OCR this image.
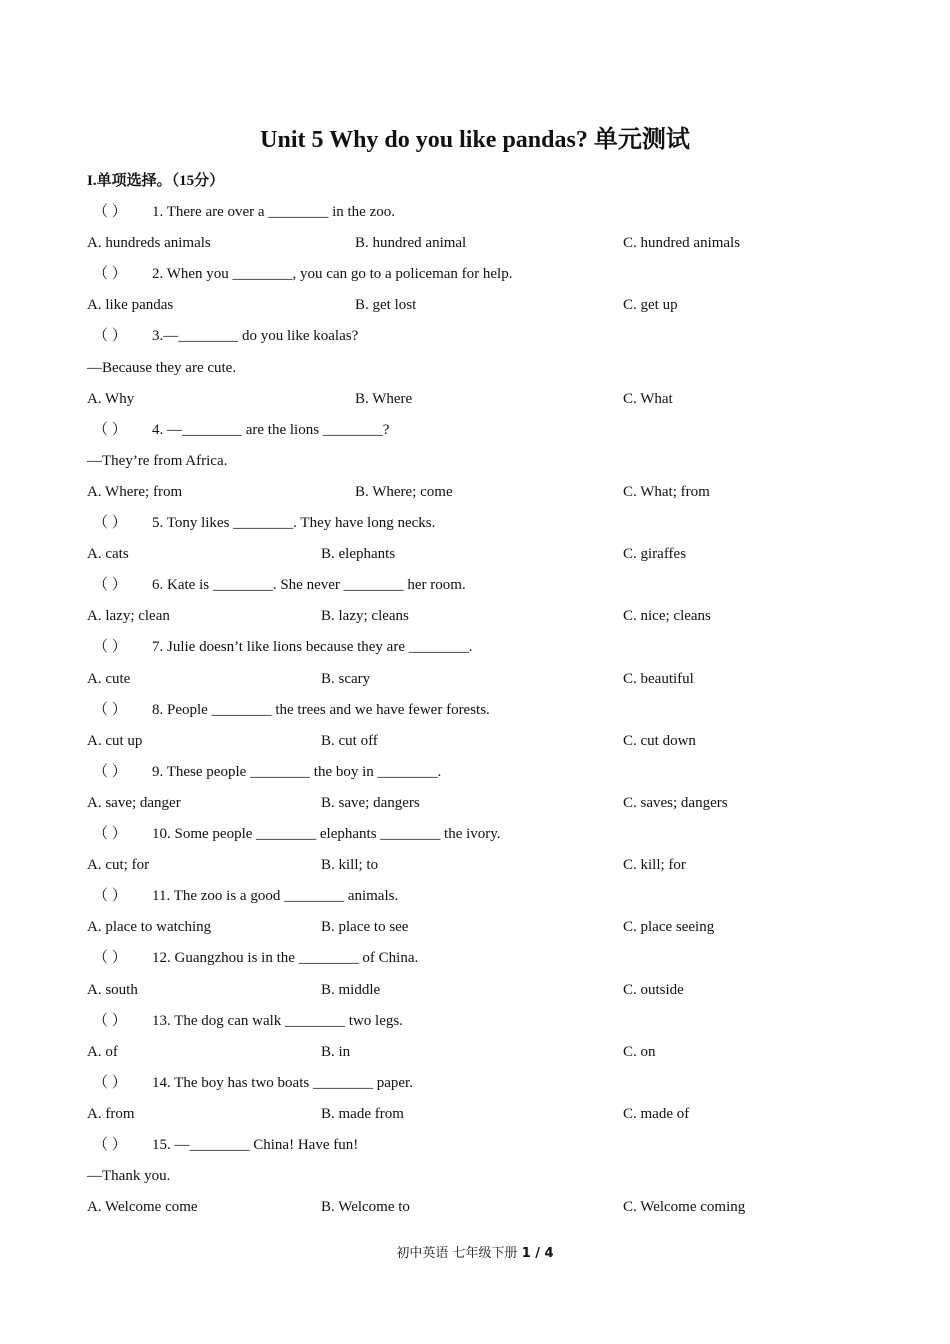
Unit 5 Why do you like pandas? 单元测试
I.单项选择。（15分）
（ ） 1. There are over a ________ in the zoo.
A. hundreds animals	B. hundred animal	C. hundred animals
（ ） 2. When you ________, you can go to a policeman for help.
A. like pandas	B. get lost	C. get up
（ ） 3.—________ do you like koalas?
—Because they are cute.
A. Why	B. Where	C. What
（ ） 4. —________ are the lions ________?
—They’re from Africa.
A. Where; from	B. Where; come	C. What; from
（ ） 5. Tony likes ________. They have long necks.
A. cats	B. elephants	C. giraffes
（ ） 6. Kate is ________. She never ________ her room.
A. lazy; clean	B. lazy; cleans	C. nice; cleans
（ ） 7. Julie doesn’t like lions because they are ________.
A. cute	B. scary	C. beautiful
（ ） 8. People ________ the trees and we have fewer forests.
A. cut up	B. cut off	C. cut down
（ ） 9. These people ________ the boy in ________.
A. save; danger	B. save; dangers	C. saves; dangers
（ ） 10. Some people ________ elephants ________ the ivory.
A. cut; for	B. kill; to	C. kill; for
（ ） 11. The zoo is a good ________ animals.
A. place to watching	B. place to see	C. place seeing
（ ） 12. Guangzhou is in the ________ of China.
A. south	B. middle	C. outside
（ ） 13. The dog can walk ________ two legs.
A. of	B. in	C. on
（ ） 14. The boy has two boats ________ paper.
A. from	B. made from	C. made of
（ ） 15. —________ China! Have fun!
—Thank you.
A. Welcome come	B. Welcome to	C. Welcome coming
初中英语 七年级下册 1 / 4
